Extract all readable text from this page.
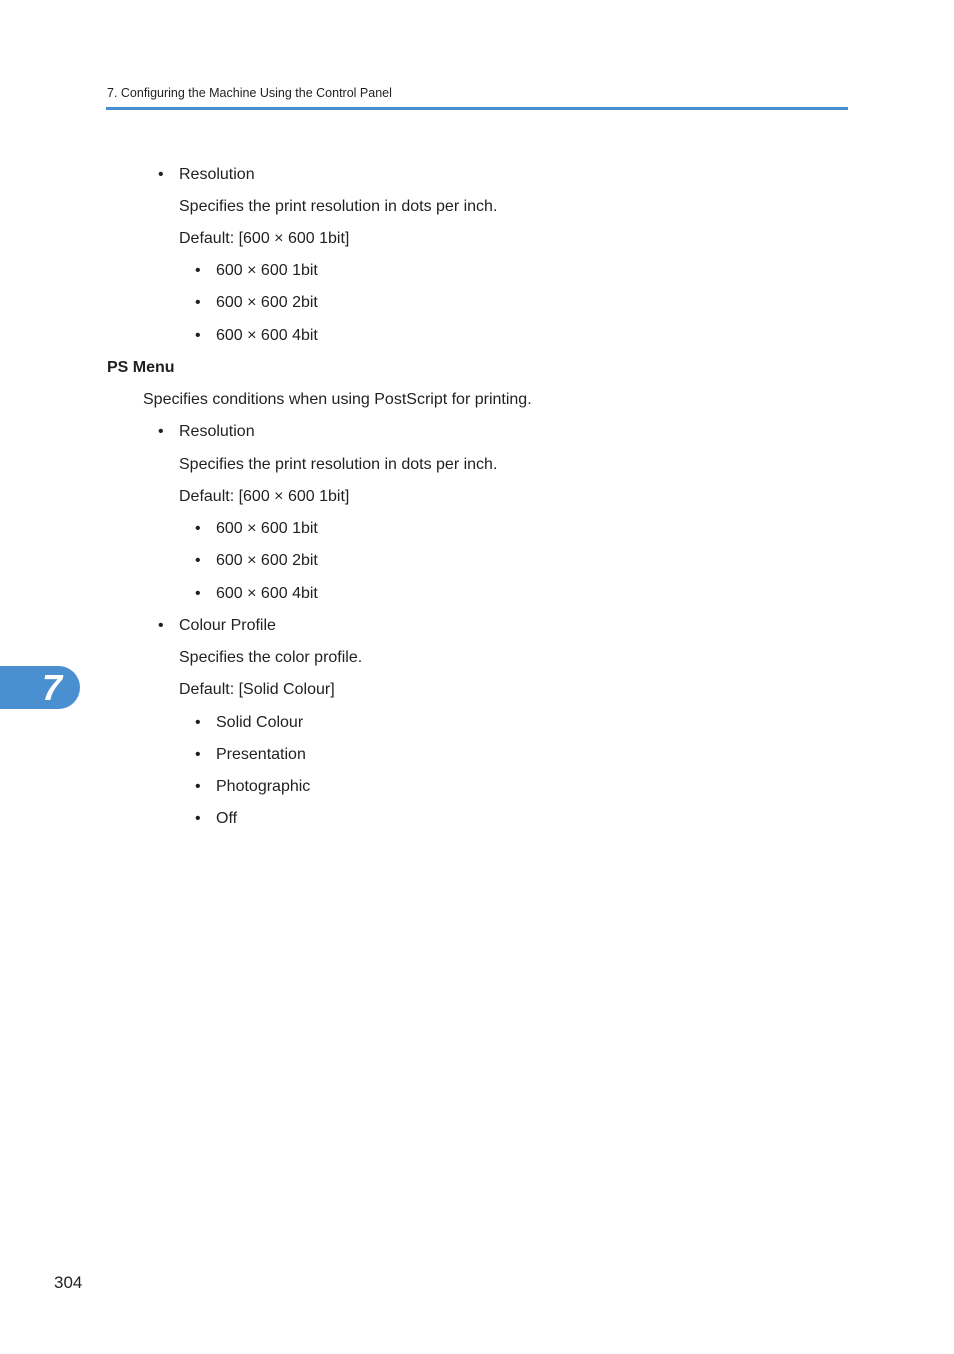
7. Configuring the Machine Using the Control Panel
• Resolution
Specifies the print resolution in dots per inch.
Default: [600 × 600 1bit]
• 600 × 600 1bit
• 600 × 600 2bit
• 600 × 600 4bit
PS Menu
Specifies conditions when using PostScript for printing.
• Resolution
Specifies the print resolution in dots per inch.
Default: [600 × 600 1bit]
• 600 × 600 1bit
• 600 × 600 2bit
• 600 × 600 4bit
• Colour Profile
Specifies the color profile.
Default: [Solid Colour]
• Solid Colour
• Presentation
• Photographic
• Off
7
304
